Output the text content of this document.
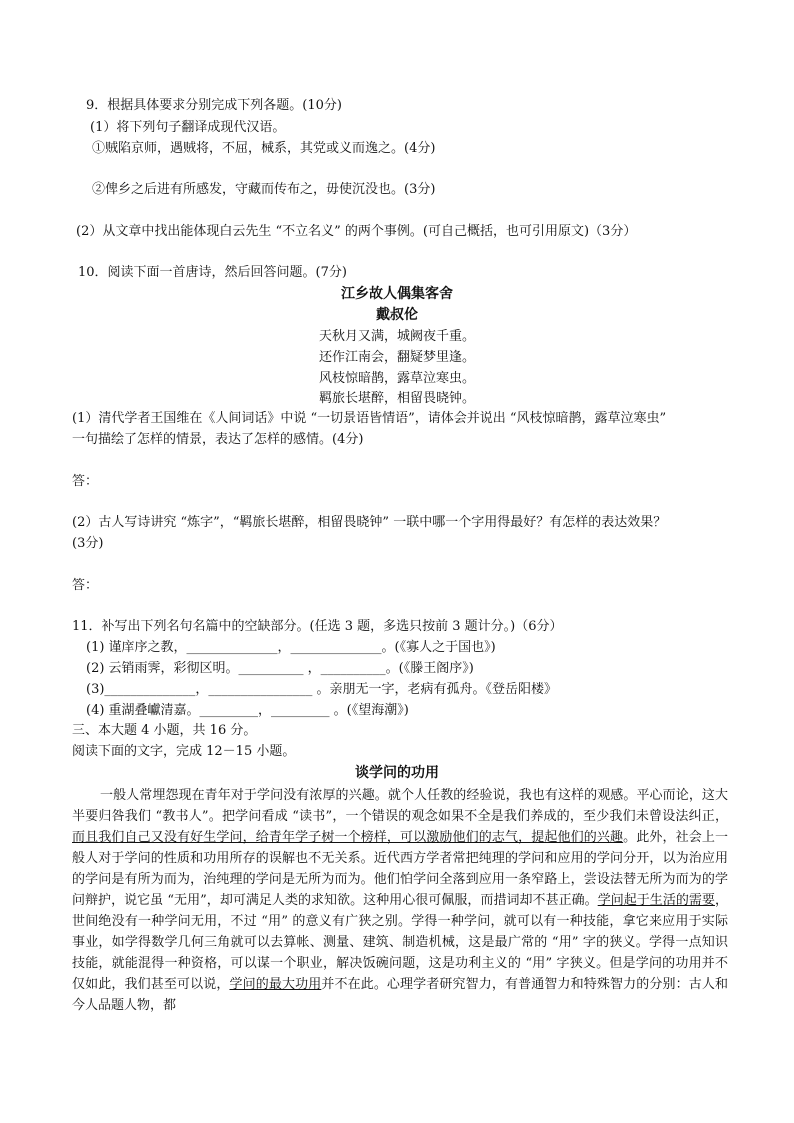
9．根据具体要求分别完成下列各题。(10分)
(1）将下列句子翻译成现代汉语。
①贼陷京师，遇贼将，不屈，械系，其党或义而逸之。(4分)
②俾乡之后进有所感发，守藏而传布之，毋使沉没也。(3分)
(2）从文章中找出能体现白云先生 “不立名义” 的两个事例。(可自己概括，也可引用原文)（3分）
10．阅读下面一首唐诗，然后回答问题。(7分)
江乡故人偶集客舍
戴叔伦
天秋月又满，城阙夜千重。
还作江南会，翻疑梦里逢。
风枝惊暗鹊，露草泣寒虫。
羁旅长堪醉，相留畏晓钟。
(1）清代学者王国维在《人间词话》中说 “一切景语皆情语”，请体会并说出 “风枝惊暗鹊，露草泣寒虫”
一句描绘了怎样的情景，表达了怎样的感情。(4分)
答：
(2）古人写诗讲究 “炼字”，“羁旅长堪醉，相留畏晓钟” 一联中哪一个字用得最好？有怎样的表达效果？
(3分)
答：
11．补写出下列名句名篇中的空缺部分。(任选 3 题，多选只按前 3 题计分。)（6分）
(1) 谨庠序之教，______________，______________。(《寡人之于国也》)
(2) 云销雨霁，彩彻区明。__________ ，__________。(《滕王阁序》)
(3)______________，________________ 。亲朋无一字，老病有孤舟。《登岳阳楼》
(4) 重湖叠巘清嘉。_________，_________ 。(《望海潮》)
三、本大题 4 小题，共 16 分。
阅读下面的文字，完成 12－15 小题。
谈学问的功用
一般人常埋怨现在青年对于学问没有浓厚的兴趣。就个人任教的经验说，我也有这样的观感。平心而论，这大半要归咎我们 “教书人”。把学问看成 “读书”，一个错误的观念如果不全是我们养成的，至少我们未曾设法纠正，而且我们自己又没有好生学问，给青年学子树一个榜样，可以激励他们的志气，提起他们的兴趣。此外，社会上一般人对于学问的性质和功用所存的误解也不无关系。近代西方学者常把纯理的学问和应用的学问分开，以为治应用的学问是有所为而为，治纯理的学问是无所为而为。他们怕学问全落到应用一条窄路上，尝设法替无所为而为的学问辩护，说它虽 “无用”，却可满足人类的求知欲。这种用心很可佩服，而措词却不甚正确。学问起于生活的需要，世间绝没有一种学问无用，不过 “用” 的意义有广狭之别。学得一种学问，就可以有一种技能，拿它来应用于实际事业，如学得数学几何三角就可以去算帐、测量、建筑、制造机械，这是最广常的 “用” 字的狭义。学得一点知识技能，就能混得一种资格，可以谋一个职业，解决饭碗问题，这是功利主义的 “用” 字狭义。但是学问的功用并不仅如此，我们甚至可以说，学问的最大功用并不在此。心理学者研究智力，有普通智力和特殊智力的分别：古人和今人品题人物，都
